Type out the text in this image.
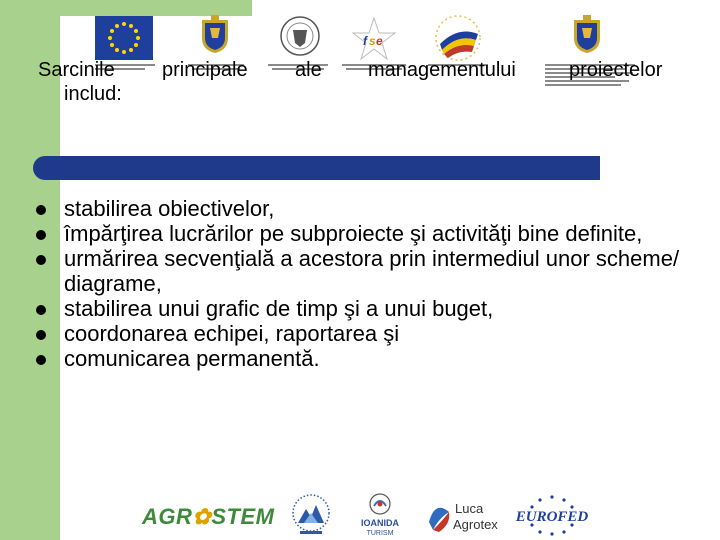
f s e
Sarcinile principale ale managementului	proiectelor
includ:
stabilirea obiectivelor,
împărţirea lucrărilor pe subproiecte şi activităţi bine definite,
urmărirea secvenţială a acestora prin intermediul unor scheme/ diagrame,
stabilirea unui grafic de timp şi a unui buget,
coordonarea echipei, raportarea şi
comunicarea permanentă.
AGR✿STEM	IOANIDA
TURISM
Luca
Agrotex EUROFED
